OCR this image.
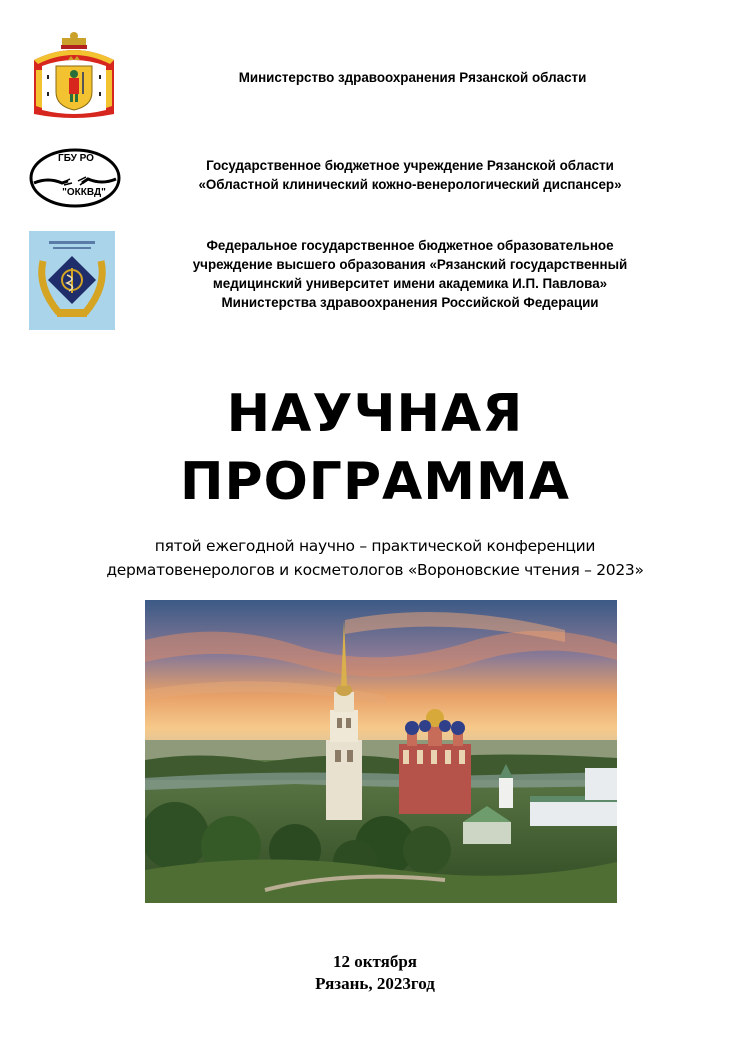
ГБУ РО
"ОККВД"
Министерство здравоохранения Рязанской области
Государственное бюджетное учреждение Рязанской области
«Областной клинический кожно-венерологический диспансер»
Федеральное государственное бюджетное образовательное
учреждение высшего образования «Рязанский государственный
медицинский университет имени академика И.П. Павлова»
Министерства здравоохранения Российской Федерации
НАУЧНАЯ
ПРОГРАММА
пятой ежегодной научно – практической конференции
дерматовенерологов и косметологов «Вороновские чтения – 2023»
12 октября
Рязань, 2023год
